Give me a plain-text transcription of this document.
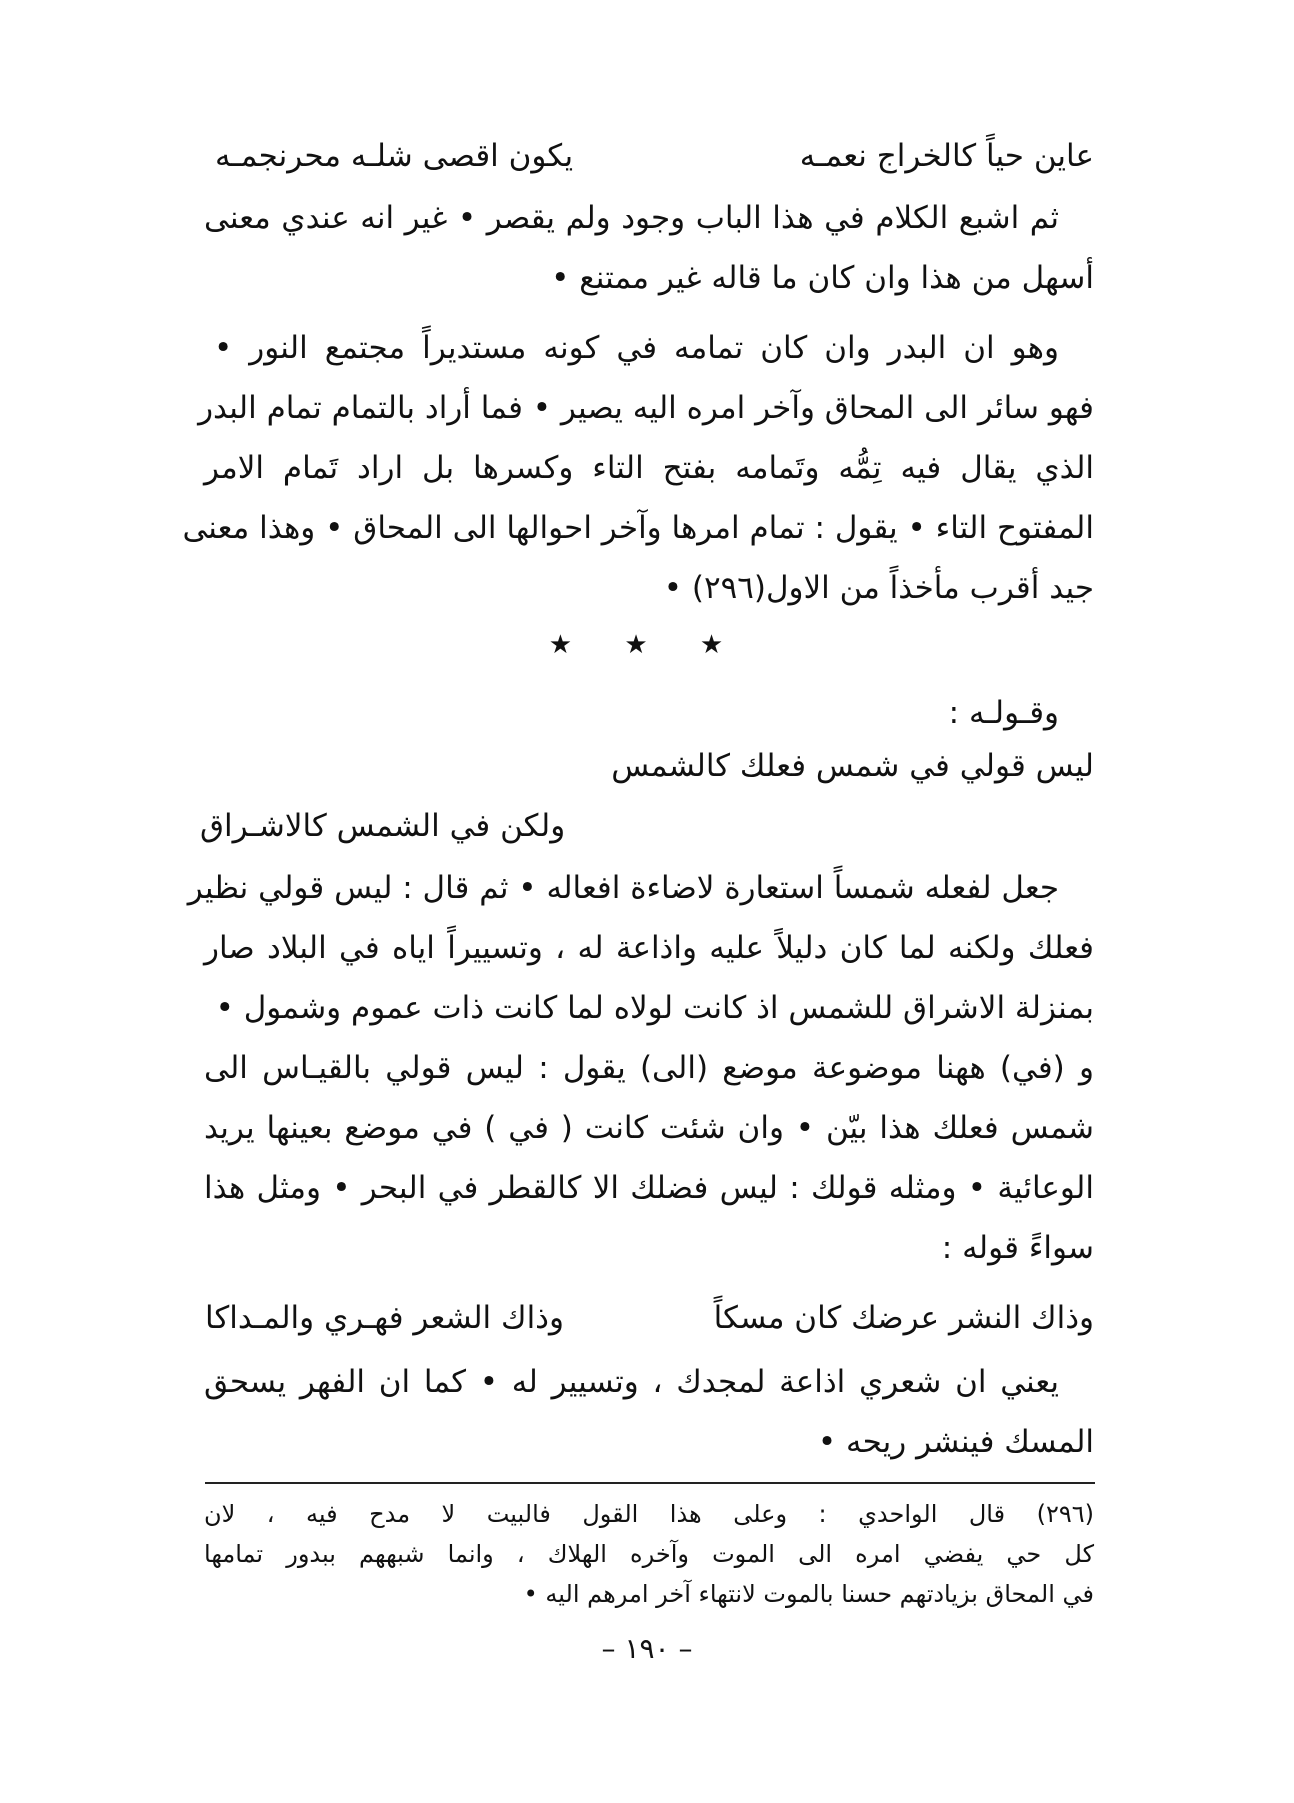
عاين حياً كالخراج نعمـه
يكون اقصى شلـه محرنجمـه
ثم اشبع الكلام في هذا الباب وجود ولم يقصر • غير انه عندي معنى
أسهل من هذا وان كان ما قاله غير ممتنع •
وهو ان البدر وان كان تمامه في كونه مستديراً مجتمع النور •
فهو سائر الى المحاق وآخر امره اليه يصير • فما أراد بالتمام تمام البدر
الذي يقال فيه تِمُّه وتَمامه بفتح التاء وكسرها بل اراد تَمام الامر
المفتوح التاء • يقول : تمام امرها وآخر احوالها الى المحاق • وهذا معنى
جيد أقرب مأخذاً من الاول(٢٩٦) •
★ ★ ★
وقـولـه :
ليس قولي في شمس فعلك كالشمس
ولكن في الشمس كالاشـراق
جعل لفعله شمساً استعارة لاضاءة افعاله • ثم قال : ليس قولي نظير
فعلك ولكنه لما كان دليلاً عليه واذاعة له ، وتسييراً اياه في البلاد صار
بمنزلة الاشراق للشمس اذ كانت لولاه لما كانت ذات عموم وشمول •
و (في) ههنا موضوعة موضع (الى) يقول : ليس قولي بالقيـاس الى
شمس فعلك هذا بيّن • وان شئت كانت ( في ) في موضع بعينها يريد
الوعائية • ومثله قولك : ليس فضلك الا كالقطر في البحر • ومثل هذا
سواءً قوله :
وذاك النشر عرضك كان مسكاً
وذاك الشعر فهـري والمـداكا
يعني ان شعري اذاعة لمجدك ، وتسيير له • كما ان الفهر يسحق
المسك فينشر ريحه •
(٢٩٦) قال الواحدي : وعلى هذا القول فالبيت لا مدح فيه ، لان
كل حي يفضي امره الى الموت وآخره الهلاك ، وانما شبههم ببدور تمامها
في المحاق بزيادتهم حسنا بالموت لانتهاء آخر امرهم اليه •
– ١٩٠ –
